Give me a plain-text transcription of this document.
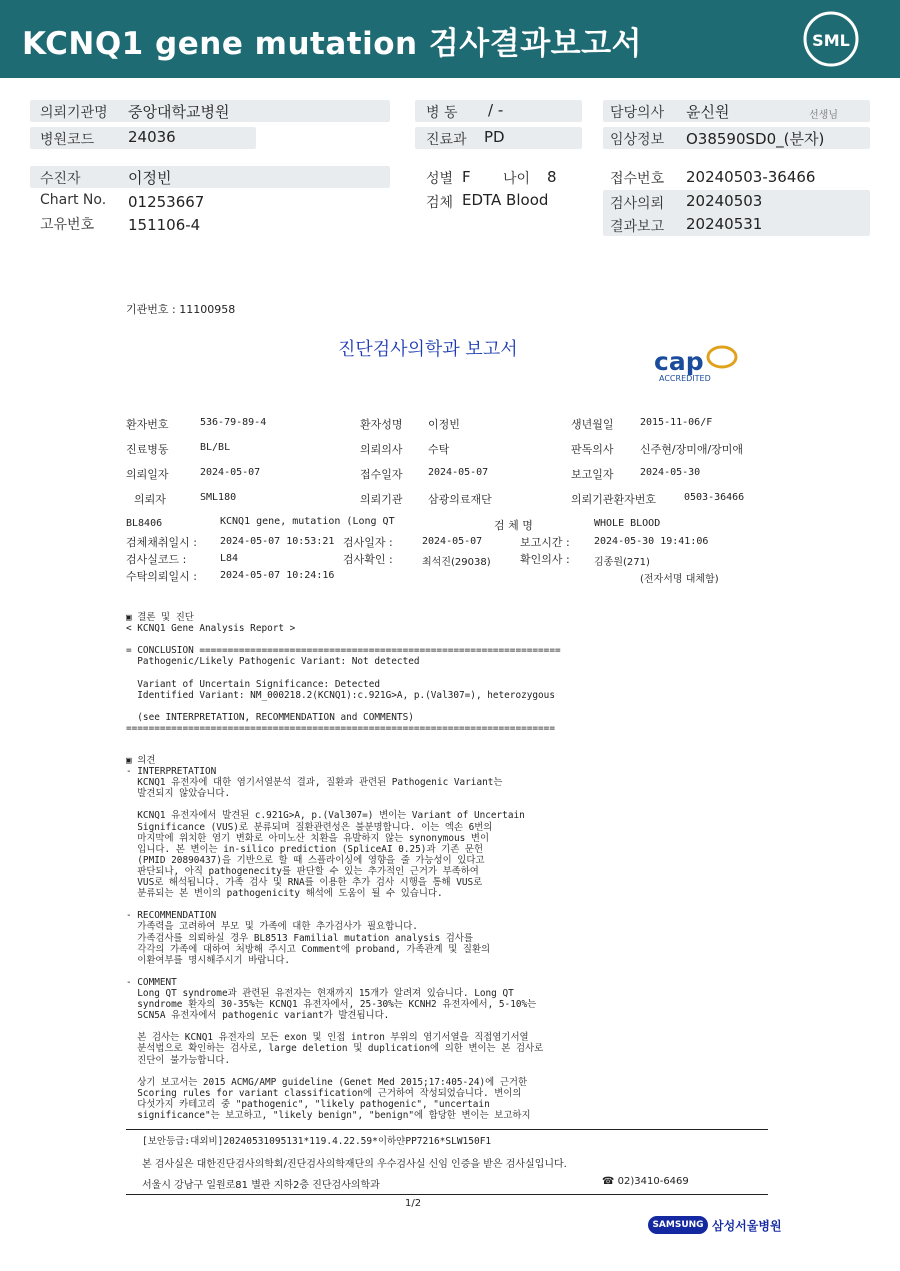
KCNQ1 gene mutation 검사결과보고서	SML
의뢰기관명 중앙대학교병원
병원코드 24036
병 동 / -
진료과 PD
담당의사 윤신원	선생님
임상정보 O38590SD0_(분자)
수진자	이정빈
Chart No. 01253667
고유번호 151106-4
성별 F 나이 8
검체 EDTA Blood
접수번호 20240503-36466
검사의뢰 20240503
결과보고 20240531
기관번호 : 11100958
진단검사의학과 보고서	cap
ACCREDITED
환자번호	536-79-89-4	환자성명 이정빈	생년월일	2015-11-06/F
진료병동	BL/BL	의뢰의사 수탁	판독의사 신주현/장미애/장미애
의뢰일자	2024-05-07	접수일자	2024-05-07	보고일자	2024-05-30
의뢰자	SML180	의뢰기관 삼광의료재단	의뢰기관환자번호	0503-36466
BL8406	KCNQ1 gene, mutation (Long QT	검 체 명	WHOLE BLOOD
검체채취일시 : 2024-05-07 10:53:21 검사일자 :	2024-05-07	보고시간 : 2024-05-30 19:41:06
검사실코드 :	L84	검사확인 :	최석진(29038)	확인의사 : 김종원(271)
수탁의뢰일시 : 2024-05-07 10:24:16	(전자서명 대체함)
▣ 결론 및 진단
< KCNQ1 Gene Analysis Report >

= CONCLUSION ================================================================
Pathogenic/Likely Pathogenic Variant: Not detected

Variant of Uncertain Significance: Detected
Identified Variant: NM_000218.2(KCNQ1):c.921G>A, p.(Val307=), heterozygous

(see INTERPRETATION, RECOMMENDATION and COMMENTS)
============================================================================
▣ 의견
- INTERPRETATION
KCNQ1 유전자에 대한 염기서열분석 결과, 질환과 관련된 Pathogenic Variant는
발견되지 않았습니다.

KCNQ1 유전자에서 발견된 c.921G>A, p.(Val307=) 변이는 Variant of Uncertain
Significance (VUS)로 분류되며 질환관련성은 불분명합니다. 이는 엑손 6번의
마지막에 위치한 염기 변화로 아미노산 치환을 유발하지 않는 synonymous 변이
입니다. 본 변이는 in-silico prediction (SpliceAI 0.25)과 기존 문헌
(PMID 20890437)을 기반으로 할 때 스플라이싱에 영향을 줄 가능성이 있다고
판단되나, 아직 pathogenecity를 판단할 수 있는 추가적인 근거가 부족하여
VUS로 해석됩니다. 가족 검사 및 RNA를 이용한 추가 검사 시행을 통해 VUS로
분류되는 본 변이의 pathogenicity 해석에 도움이 될 수 있습니다.

- RECOMMENDATION
가족력을 고려하여 부모 및 가족에 대한 추가검사가 필요합니다.
가족검사를 의뢰하실 경우 BL8513 Familial mutation analysis 검사를
각각의 가족에 대하여 처방해 주시고 Comment에 proband, 가족관계 및 질환의
이환여부를 명시해주시기 바랍니다.

- COMMENT
Long QT syndrome과 관련된 유전자는 현재까지 15개가 알려져 있습니다. Long QT
syndrome 환자의 30-35%는 KCNQ1 유전자에서, 25-30%는 KCNH2 유전자에서, 5-10%는
SCN5A 유전자에서 pathogenic variant가 발견됩니다.

본 검사는 KCNQ1 유전자의 모든 exon 및 인접 intron 부위의 염기서열을 직접염기서열
분석법으로 확인하는 검사로, large deletion 및 duplication에 의한 변이는 본 검사로
진단이 불가능합니다.

상기 보고서는 2015 ACMG/AMP guideline (Genet Med 2015;17:405-24)에 근거한
Scoring rules for variant classification에 근거하여 작성되었습니다. 변이의
다섯가지 카테고리 중 "pathogenic", "likely pathogenic", "uncertain
significance"는 보고하고, "likely benign", "benign"에 합당한 변이는 보고하지
[보안등급:대외비]20240531095131*119.4.22.59*이하얀PP7216*SLW150F1
본 검사실은 대한진단검사의학회/진단검사의학재단의 우수검사실 신임 인증을 받은 검사실입니다.
서울시 강남구 일원로81 별관 지하2층 진단검사의학과	☎ 02)3410-6469
1/2
SAMSUNG 삼성서울병원
